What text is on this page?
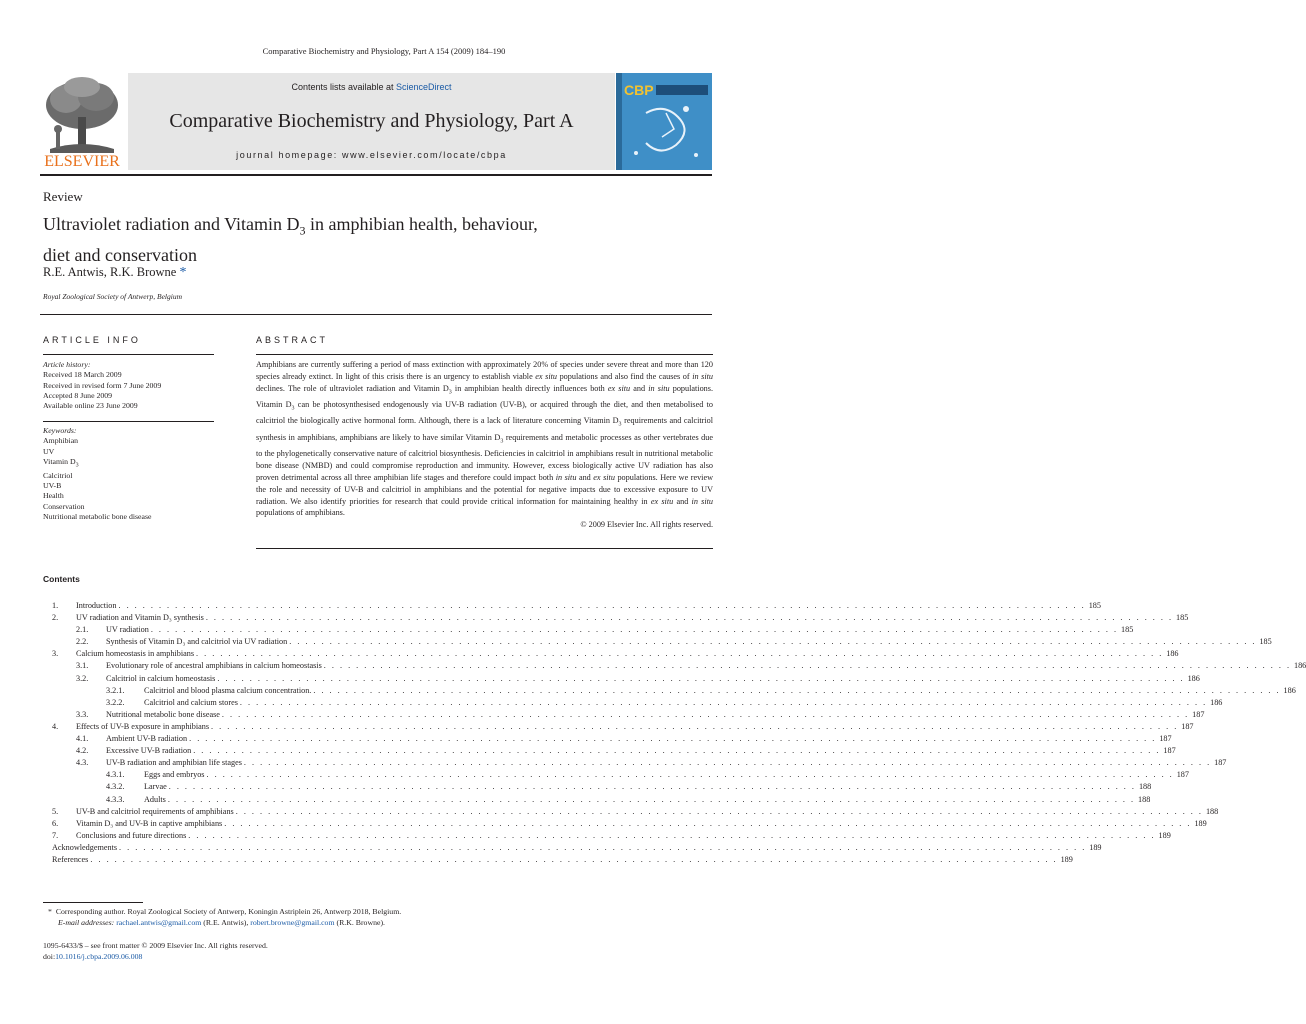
Comparative Biochemistry and Physiology, Part A 154 (2009) 184–190
ELSEVIER
Contents lists available at ScienceDirect
Comparative Biochemistry and Physiology, Part A
journal homepage: www.elsevier.com/locate/cbpa
CBP
Review
Ultraviolet radiation and Vitamin $D_3$ in amphibian health, behaviour,
diet and conservation
R.E. Antwis, R.K. Browne *
Royal Zoological Society of Antwerp, Belgium
ARTICLE INFO	ABSTRACT
Article history:
Received 18 March 2009
Received in revised form 7 June 2009
Accepted 8 June 2009
Available online 23 June 2009
Keywords:
Amphibian
UV
Vitamin $D_3$
Calcitriol
UV-B
Health
Conservation
Nutritional metabolic bone disease

Amphibians are currently suffering a period of mass extinction with approximately 20% of species under severe threat and more than 120 species already extinct. In light of this crisis there is an urgency to establish viable ex situ populations and also find the causes of in situ declines. The role of ultraviolet radiation and Vitamin $D_3$ in amphibian health directly influences both ex situ and in situ populations. Vitamin $D_3$ can be photosynthesised endogenously via UV-B radiation (UV-B), or acquired through the diet, and then metabolised to calcitriol the biologically active hormonal form. Although, there is a lack of literature concerning Vitamin $D_3$ requirements and calcitriol synthesis in amphibians, amphibians are likely to have similar Vitamin $D_3$ requirements and metabolic processes as other vertebrates due to the phylogenetically conservative nature of calcitriol biosynthesis. Deficiencies in calcitriol in amphibians result in nutritional metabolic bone disease (NMBD) and could compromise reproduction and immunity. However, excess biologically active UV radiation has also proven detrimental across all three amphibian life stages and therefore could impact both in situ and ex situ populations. Here we review the role and necessity of UV-B and calcitriol in amphibians and the potential for negative impacts due to excessive exposure to UV radiation. We also identify priorities for research that could provide critical information for maintaining healthy in ex situ and in situ populations of amphibians.

© 2009 Elsevier Inc. All rights reserved.

Contents
1.	Introduction . . . . . . . . . . . . . . . . . . . . . . . . . . . . . . . . . . . . . . . . . . . . . . . . . . . . . . . . . . . . . . . . . . . . . . . . . . . . . . . . . . . . . . . . . . . . . . . . . . . . . . . . . . . . . . . . . . . . . . . . 185
2.	UV radiation and Vitamin D₃ synthesis . . . . . . . . . . . . . . . . . . . . . . . . . . . . . . . . . . . . . . . . . . . . . . . . . . . . . . . . . . . . . . . . . . . . . . . . . . . . . . . . . . . . . . . . . . . . . . . . . . . . . . . . . . . . . . . . . . . . . . . . 185
2.1.	UV radiation . . . . . . . . . . . . . . . . . . . . . . . . . . . . . . . . . . . . . . . . . . . . . . . . . . . . . . . . . . . . . . . . . . . . . . . . . . . . . . . . . . . . . . . . . . . . . . . . . . . . . . . . . . . . . . . . . . . . . . . . 185
2.2.	Synthesis of Vitamin D₃ and calcitriol via UV radiation . . . . . . . . . . . . . . . . . . . . . . . . . . . . . . . . . . . . . . . . . . . . . . . . . . . . . . . . . . . . . . . . . . . . . . . . . . . . . . . . . . . . . . . . . . . . . . . . . . . . . . . . . . . . . . . . . . . . . . . . 185
3.	Calcium homeostasis in amphibians . . . . . . . . . . . . . . . . . . . . . . . . . . . . . . . . . . . . . . . . . . . . . . . . . . . . . . . . . . . . . . . . . . . . . . . . . . . . . . . . . . . . . . . . . . . . . . . . . . . . . . . . . . . . . . . . . . . . . . . . 186
3.1.	Evolutionary role of ancestral amphibians in calcium homeostasis . . . . . . . . . . . . . . . . . . . . . . . . . . . . . . . . . . . . . . . . . . . . . . . . . . . . . . . . . . . . . . . . . . . . . . . . . . . . . . . . . . . . . . . . . . . . . . . . . . . . . . . . . . . . . . . . . . . . . . . . 186
3.2.	Calcitriol in calcium homeostasis . . . . . . . . . . . . . . . . . . . . . . . . . . . . . . . . . . . . . . . . . . . . . . . . . . . . . . . . . . . . . . . . . . . . . . . . . . . . . . . . . . . . . . . . . . . . . . . . . . . . . . . . . . . . . . . . . . . . . . . . 186
3.2.1.	Calcitriol and blood plasma calcium concentration. . . . . . . . . . . . . . . . . . . . . . . . . . . . . . . . . . . . . . . . . . . . . . . . . . . . . . . . . . . . . . . . . . . . . . . . . . . . . . . . . . . . . . . . . . . . . . . . . . . . . . . . . . . . . . . . . . . . . . . . . 186
3.2.2.	Calcitriol and calcium stores . . . . . . . . . . . . . . . . . . . . . . . . . . . . . . . . . . . . . . . . . . . . . . . . . . . . . . . . . . . . . . . . . . . . . . . . . . . . . . . . . . . . . . . . . . . . . . . . . . . . . . . . . . . . . . . . . . . . . . . . 186
3.3.	Nutritional metabolic bone disease . . . . . . . . . . . . . . . . . . . . . . . . . . . . . . . . . . . . . . . . . . . . . . . . . . . . . . . . . . . . . . . . . . . . . . . . . . . . . . . . . . . . . . . . . . . . . . . . . . . . . . . . . . . . . . . . . . . . . . . . 187
4.	Effects of UV-B exposure in amphibians . . . . . . . . . . . . . . . . . . . . . . . . . . . . . . . . . . . . . . . . . . . . . . . . . . . . . . . . . . . . . . . . . . . . . . . . . . . . . . . . . . . . . . . . . . . . . . . . . . . . . . . . . . . . . . . . . . . . . . . . 187
4.1.	Ambient UV-B radiation . . . . . . . . . . . . . . . . . . . . . . . . . . . . . . . . . . . . . . . . . . . . . . . . . . . . . . . . . . . . . . . . . . . . . . . . . . . . . . . . . . . . . . . . . . . . . . . . . . . . . . . . . . . . . . . . . . . . . . . . 187
4.2.	Excessive UV-B radiation . . . . . . . . . . . . . . . . . . . . . . . . . . . . . . . . . . . . . . . . . . . . . . . . . . . . . . . . . . . . . . . . . . . . . . . . . . . . . . . . . . . . . . . . . . . . . . . . . . . . . . . . . . . . . . . . . . . . . . . . 187
4.3.	UV-B radiation and amphibian life stages . . . . . . . . . . . . . . . . . . . . . . . . . . . . . . . . . . . . . . . . . . . . . . . . . . . . . . . . . . . . . . . . . . . . . . . . . . . . . . . . . . . . . . . . . . . . . . . . . . . . . . . . . . . . . . . . . . . . . . . . 187
4.3.1.	Eggs and embryos . . . . . . . . . . . . . . . . . . . . . . . . . . . . . . . . . . . . . . . . . . . . . . . . . . . . . . . . . . . . . . . . . . . . . . . . . . . . . . . . . . . . . . . . . . . . . . . . . . . . . . . . . . . . . . . . . . . . . . . . 187
4.3.2.	Larvae . . . . . . . . . . . . . . . . . . . . . . . . . . . . . . . . . . . . . . . . . . . . . . . . . . . . . . . . . . . . . . . . . . . . . . . . . . . . . . . . . . . . . . . . . . . . . . . . . . . . . . . . . . . . . . . . . . . . . . . . 188
4.3.3.	Adults . . . . . . . . . . . . . . . . . . . . . . . . . . . . . . . . . . . . . . . . . . . . . . . . . . . . . . . . . . . . . . . . . . . . . . . . . . . . . . . . . . . . . . . . . . . . . . . . . . . . . . . . . . . . . . . . . . . . . . . . 188
5.	UV-B and calcitriol requirements of amphibians . . . . . . . . . . . . . . . . . . . . . . . . . . . . . . . . . . . . . . . . . . . . . . . . . . . . . . . . . . . . . . . . . . . . . . . . . . . . . . . . . . . . . . . . . . . . . . . . . . . . . . . . . . . . . . . . . . . . . . . . 188
6.	Vitamin D₃ and UV-B in captive amphibians . . . . . . . . . . . . . . . . . . . . . . . . . . . . . . . . . . . . . . . . . . . . . . . . . . . . . . . . . . . . . . . . . . . . . . . . . . . . . . . . . . . . . . . . . . . . . . . . . . . . . . . . . . . . . . . . . . . . . . . . 189
7.	Conclusions and future directions . . . . . . . . . . . . . . . . . . . . . . . . . . . . . . . . . . . . . . . . . . . . . . . . . . . . . . . . . . . . . . . . . . . . . . . . . . . . . . . . . . . . . . . . . . . . . . . . . . . . . . . . . . . . . . . . . . . . . . . . 189
Acknowledgements . . . . . . . . . . . . . . . . . . . . . . . . . . . . . . . . . . . . . . . . . . . . . . . . . . . . . . . . . . . . . . . . . . . . . . . . . . . . . . . . . . . . . . . . . . . . . . . . . . . . . . . . . . . . . . . . . . . . . . . . 189
References . . . . . . . . . . . . . . . . . . . . . . . . . . . . . . . . . . . . . . . . . . . . . . . . . . . . . . . . . . . . . . . . . . . . . . . . . . . . . . . . . . . . . . . . . . . . . . . . . . . . . . . . . . . . . . . . . . . . . . . . 189
* Corresponding author. Royal Zoological Society of Antwerp, Koningin Astriplein 26, Antwerp 2018, Belgium.
E-mail addresses: rachael.antwis@gmail.com (R.E. Antwis), robert.browne@gmail.com (R.K. Browne).
1095-6433/$ – see front matter © 2009 Elsevier Inc. All rights reserved.
doi:10.1016/j.cbpa.2009.06.008
